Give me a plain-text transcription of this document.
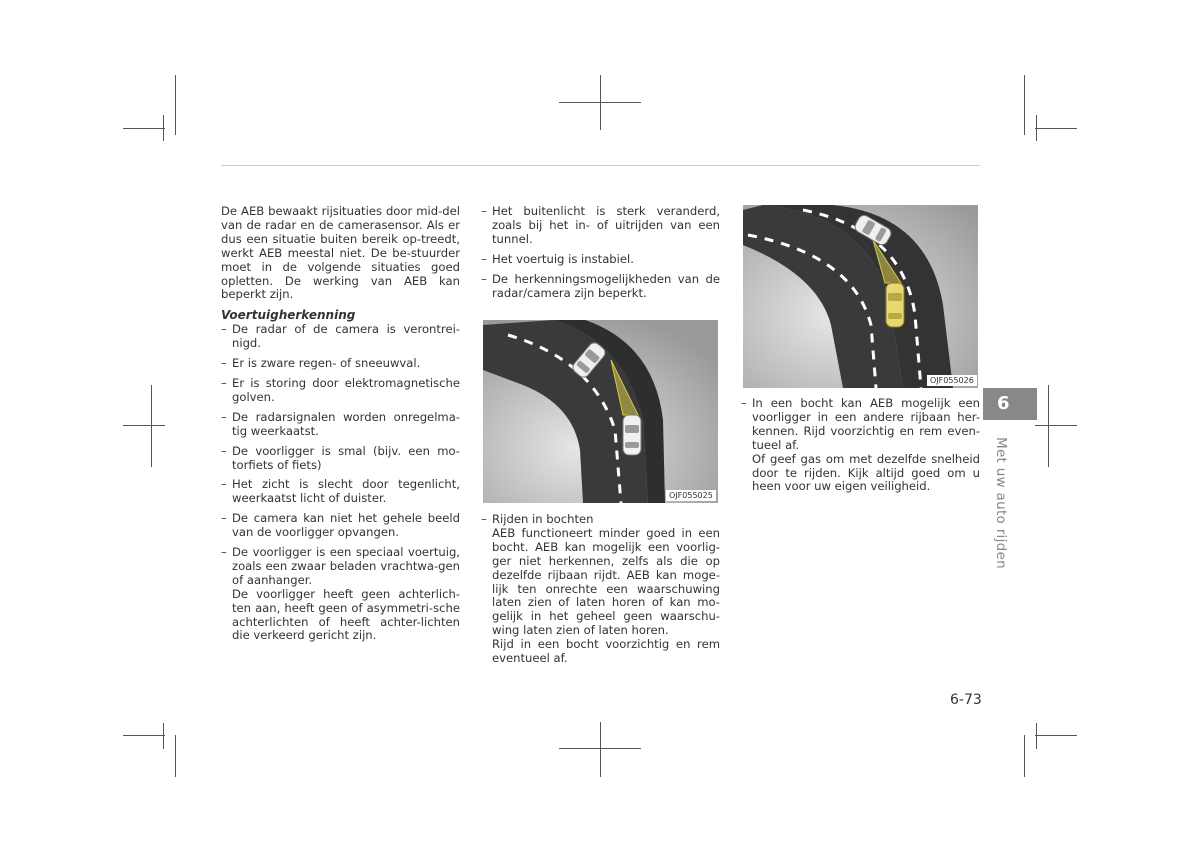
De AEB bewaakt rijsituaties door mid-del van de radar en de camerasensor. Als er dus een situatie buiten bereik op-treedt, werkt AEB meestal niet. De be-stuurder moet in de volgende situaties goed opletten. De werking van AEB kan beperkt zijn.

Voertuigherkenning
– De radar of de camera is verontrei-nigd.
– Er is zware regen- of sneeuwval.
– Er is storing door elektromagnetische golven.
– De radarsignalen worden onregelma-tig weerkaatst.
– De voorligger is smal (bijv. een mo-torfiets of fiets)
– Het zicht is slecht door tegenlicht, weerkaatst licht of duister.
– De camera kan niet het gehele beeld van de voorligger opvangen.
– De voorligger is een speciaal voertuig, zoals een zwaar beladen vrachtwa-gen of aanhanger.
De voorligger heeft geen achterlich-ten aan, heeft geen of asymmetri-sche achterlichten of heeft achter-lichten die verkeerd gericht zijn.
– Het buitenlicht is sterk veranderd, zoals bij het in- of uitrijden van een tunnel.
– Het voertuig is instabiel.
– De herkenningsmogelijkheden van de radar/camera zijn beperkt.
OJF055025
– Rijden in bochten
AEB functioneert minder goed in een bocht. AEB kan mogelijk een voorlig-ger niet herkennen, zelfs als die op dezelfde rijbaan rijdt. AEB kan moge-lijk ten onrechte een waarschuwing laten zien of laten horen of kan mo-gelijk in het geheel geen waarschu-wing laten zien of laten horen.
Rijd in een bocht voorzichtig en rem eventueel af.
OJF055026
– In een bocht kan AEB mogelijk een voorligger in een andere rijbaan her-kennen. Rijd voorzichtig en rem even-tueel af.
Of geef gas om met dezelfde snelheid door te rijden. Kijk altijd goed om u heen voor uw eigen veiligheid.
6
Met uw auto rijden
6-73
